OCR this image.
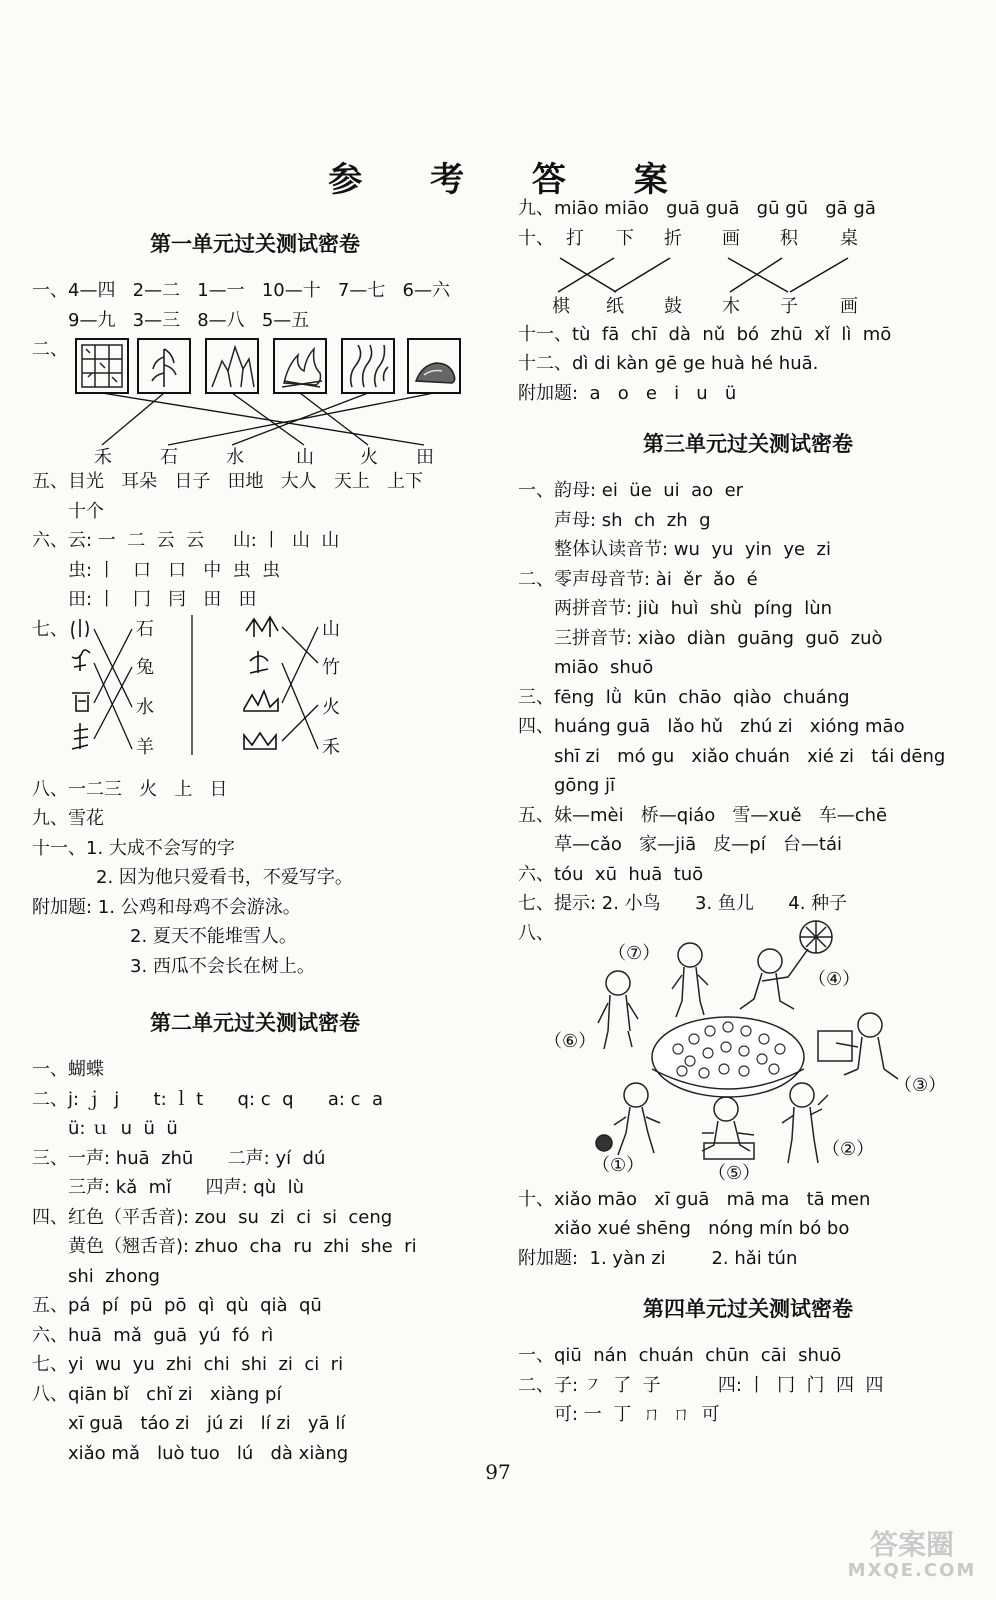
参 考 答 案
第一单元过关测试密卷
一、4—四   2—二   1—一   10—十   7—七   6—六
9—九   3—三   8—八   5—五
二、
禾	石	水	山	火 田
五、目光   耳朵   日子   田地   大人   天上   上下
十个
六、云: 一  二  云  云     山: 丨  山  山
虫: 丨   口   口   中  虫  虫
田: 丨   冂   冃   田   田
七、	石
兔
水
羊
山
竹
火
禾
八、一二三   火   上   日
九、雪花
十一、1. 大成不会写的字
2. 因为他只爱看书，不爱写字。
附加题: 1. 公鸡和母鸡不会游泳。
2. 夏天不能堆雪人。
3. 西瓜不会长在树上。
第二单元过关测试密卷
一、蝴蝶
二、j: ｊ  j      t: ｌ t      q: c  q      a: c  a
ü: ｕ  u  ü  ü
三、一声: huā  zhū      二声: yí  dú
三声: kǎ  mǐ      四声: qù  lù
四、红色（平舌音): zou  su  zi  ci  si  ceng
黄色（翘舌音): zhuo  cha  ru  zhi  she  ri
shi  zhong
五、pá  pí  pū  pō  qì  qù  qià  qū
六、huā  mǎ  guā  yú  fó  rì
七、yi  wu  yu  zhi  chi  shi  zi  ci  ri
八、qiān bǐ   chǐ zi   xiàng pí
xī guā   táo zi   jú zi   lí zi   yā lí
xiǎo mǎ   luò tuo   lú   dà xiàng
九、miāo miāo   guā guā   gū gū   gā gā
十、 打 下 折 画 积 桌
棋 纸 鼓 木 子 画
十一、tù  fā  chī  dà  nǔ  bó  zhū  xǐ  lì  mō
十二、dì di kàn gē ge huà hé huā.
附加题:  a   o   e   i   u   ü
第三单元过关测试密卷
一、韵母: ei  üe  ui  ao  er
声母: sh  ch  zh  g
整体认读音节: wu  yu  yin  ye  zi
二、零声母音节: ài  ěr  ǎo  é
两拼音节: jiù  huì  shù  píng  lùn
三拼音节: xiào  diàn  guāng  guō  zuò
miāo  shuō
三、fēng  lǜ  kūn  chāo  qiào  chuáng
四、huáng guā   lǎo hǔ   zhú zi   xióng māo
shī zi   mó gu   xiǎo chuán   xié zi   tái dēng
gōng jī
五、妹—mèi   桥—qiáo   雪—xuě   车—chē
草—cǎo   家—jiā   皮—pí   台—tái
六、tóu  xū  huā  tuō
七、提示: 2. 小鸟      3. 鱼儿      4. 种子
八、
（⑦）
（④）
（⑥）
（③）
（①）	（⑤）
（②）
十、xiǎo māo   xī guā   mā ma   tā men
xiǎo xué shēng   nóng mín bó bo
附加题:  1. yàn zi        2. hǎi tún
第四单元过关测试密卷
一、qiū  nán  chuán  chūn  cāi  shuō
二、子: ㇇  了  子          四: 丨  冂  门  四  四
可: 一  丁  ㄇ  ㄇ  可
97
答案圈
MXQE.COM
